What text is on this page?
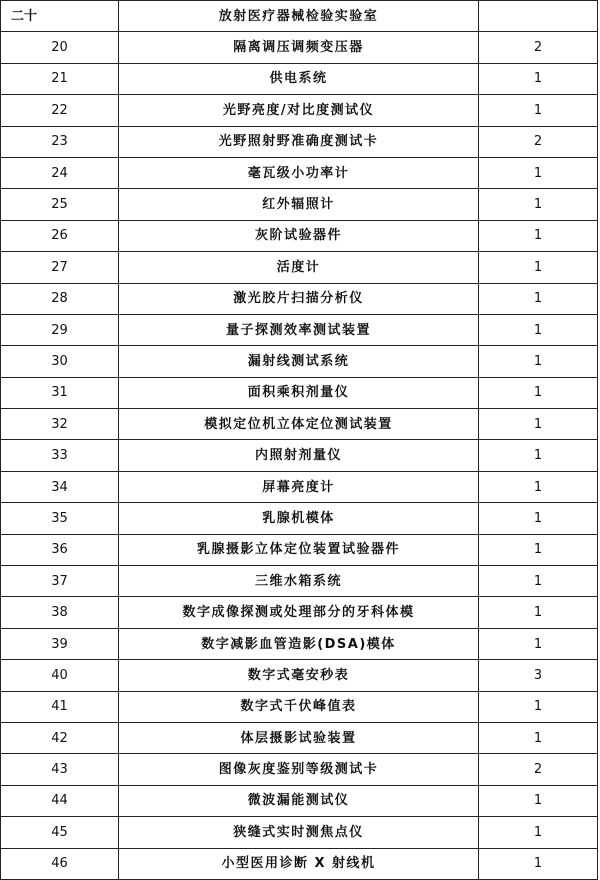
二十	放射医疗器械检验实验室	
20	隔离调压调频变压器	2
21	供电系统	1
22	光野亮度/对比度测试仪	1
23	光野照射野准确度测试卡	2
24	毫瓦级小功率计	1
25	红外辐照计	1
26	灰阶试验器件	1
27	活度计	1
28	激光胶片扫描分析仪	1
29	量子探测效率测试装置	1
30	漏射线测试系统	1
31	面积乘积剂量仪	1
32	模拟定位机立体定位测试装置	1
33	内照射剂量仪	1
34	屏幕亮度计	1
35	乳腺机模体	1
36	乳腺摄影立体定位装置试验器件	1
37	三维水箱系统	1
38	数字成像探测或处理部分的牙科体模	1
39	数字减影血管造影(DSA)模体	1
40	数字式毫安秒表	3
41	数字式千伏峰值表	1
42	体层摄影试验装置	1
43	图像灰度鉴别等级测试卡	2
44	微波漏能测试仪	1
45	狭缝式实时测焦点仪	1
46	小型医用诊断 X 射线机	1
